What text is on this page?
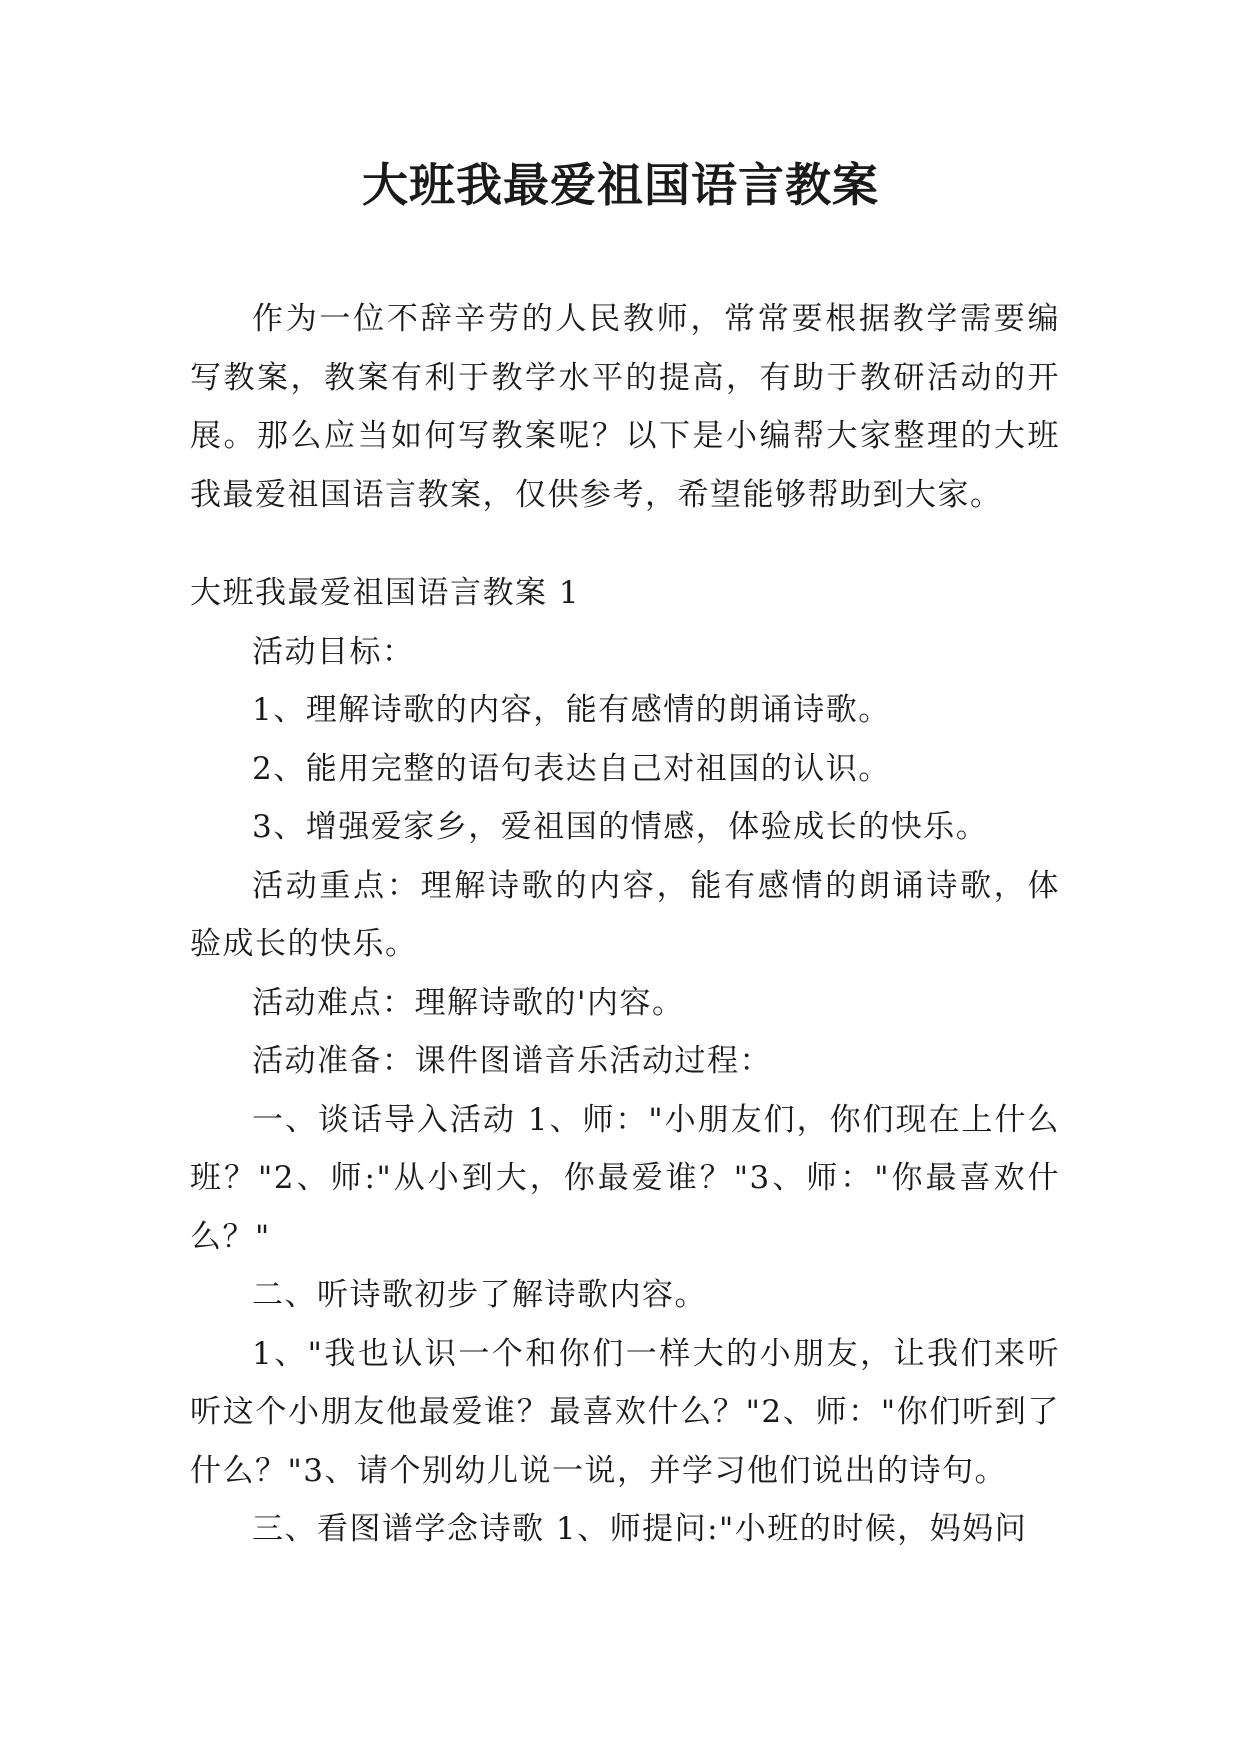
大班我最爱祖国语言教案

作为一位不辞辛劳的人民教师，常常要根据教学需要编写教案，教案有利于教学水平的提高，有助于教研活动的开展。那么应当如何写教案呢？以下是小编帮大家整理的大班我最爱祖国语言教案，仅供参考，希望能够帮助到大家。

大班我最爱祖国语言教案 1

活动目标：

1、理解诗歌的内容，能有感情的朗诵诗歌。

2、能用完整的语句表达自己对祖国的认识。

3、增强爱家乡，爱祖国的情感，体验成长的快乐。

活动重点：理解诗歌的内容，能有感情的朗诵诗歌，体验成长的快乐。

活动难点：理解诗歌的'内容。

活动准备：课件图谱音乐活动过程：

一、谈话导入活动 1、师："小朋友们，你们现在上什么班？"2、师:"从小到大，你最爱谁？"3、师："你最喜欢什么？"

二、听诗歌初步了解诗歌内容。

1、"我也认识一个和你们一样大的小朋友，让我们来听听这个小朋友他最爱谁？最喜欢什么？"2、师："你们听到了什么？"3、请个别幼儿说一说，并学习他们说出的诗句。

三、看图谱学念诗歌 1、师提问:"小班的时候，妈妈问
